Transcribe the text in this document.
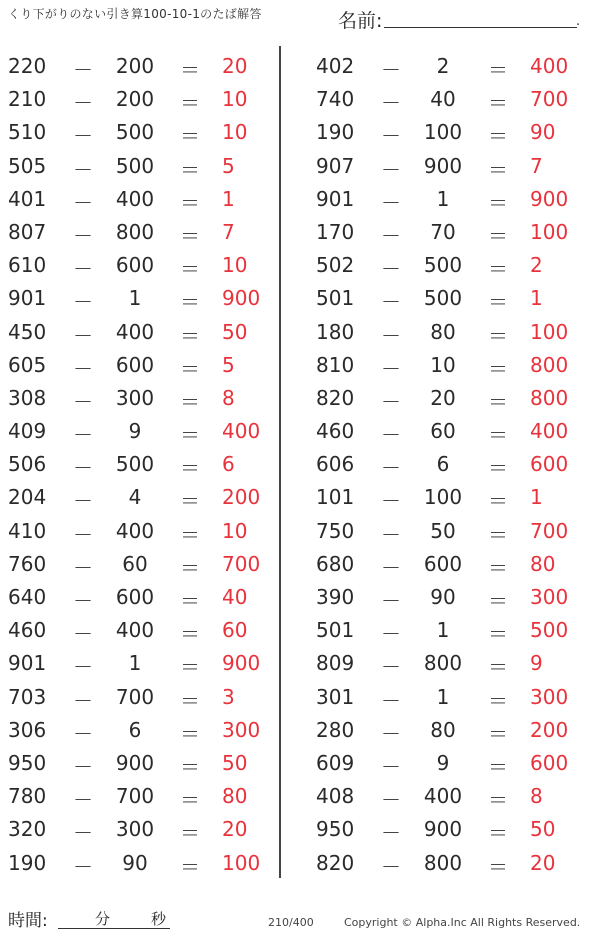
くり下がりのない引き算100-10-1のたば解答	名前:	.
220 －	200	＝ 20
210 －	200	＝ 10
510 －	500	＝ 10
505 －	500	＝ 5
401 －	400	＝ 1
807 －	800	＝ 7
610 －	600	＝ 10
901 －	1	＝ 900
450 －	400	＝ 50
605 －	600	＝ 5
308 －	300	＝ 8
409 －	9	＝ 400
506 －	500	＝ 6
204 －	4	＝ 200
410 －	400	＝ 10
760 －	60	＝ 700
640 －	600	＝ 40
460 －	400	＝ 60
901 －	1	＝ 900
703 －	700	＝ 3
306 －	6	＝ 300
950 －	900	＝ 50
780 －	700	＝ 80
320 －	300	＝ 20
190 －	90	＝ 100
402 －	2	＝ 400
740 －	40	＝ 700
190 －	100	＝ 90
907 －	900	＝ 7
901 －	1	＝ 900
170 －	70	＝ 100
502 －	500	＝ 2
501 －	500	＝ 1
180 －	80	＝ 100
810 －	10	＝ 800
820 －	20	＝ 800
460 －	60	＝ 400
606 －	6	＝ 600
101 －	100	＝ 1
750 －	50	＝ 700
680 －	600	＝ 80
390 －	90	＝ 300
501 －	1	＝ 500
809 －	800	＝ 9
301 －	1	＝ 300
280 －	80	＝ 200
609 －	9	＝ 600
408 －	400	＝ 8
950 －	900	＝ 50
820 －	800	＝ 20
時間:	分	秒	210/400	Copyright © Alpha.Inc All Rights Reserved.
